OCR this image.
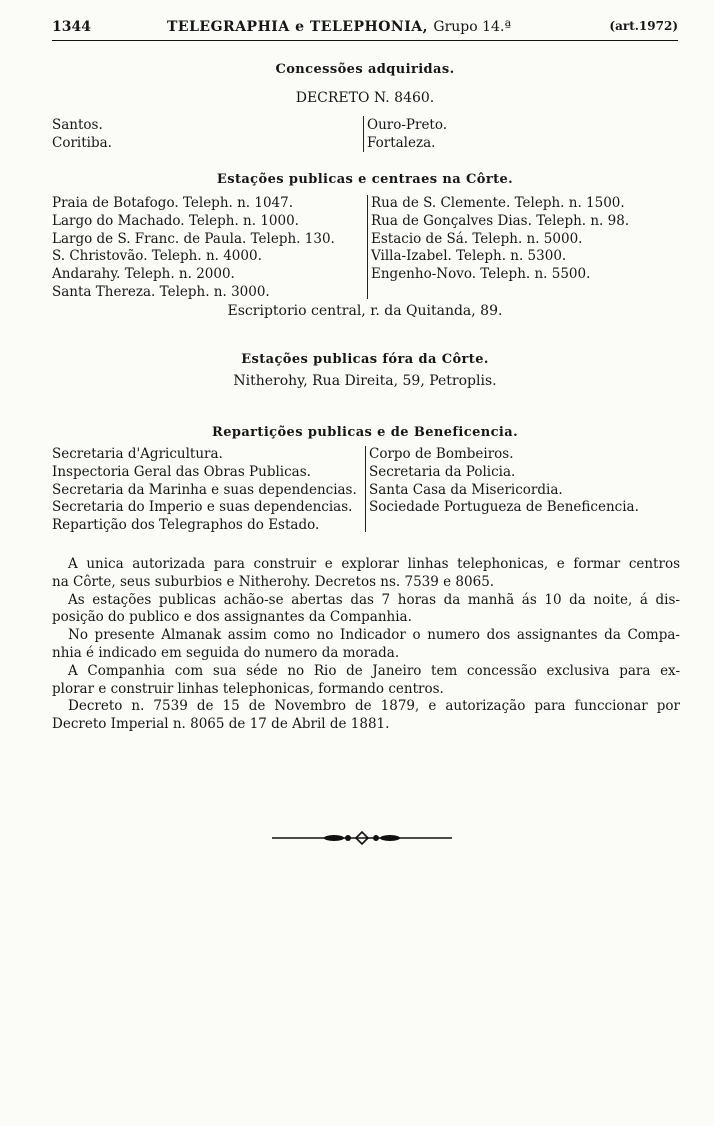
1344	TELEGRAPHIA e TELEPHONIA, Grupo 14.ª	(art.1972)
Concessões adquiridas.
DECRETO N. 8460.
Santos.
Coritiba.
Ouro-Preto.
Fortaleza.
Estações publicas e centraes na Côrte.
Praia de Botafogo. Teleph. n. 1047.
Largo do Machado. Teleph. n. 1000.
Largo de S. Franc. de Paula. Teleph. 130.
S. Christovão. Teleph. n. 4000.
Andarahy. Teleph. n. 2000.
Santa Thereza. Teleph. n. 3000.
Rua de S. Clemente. Teleph. n. 1500.
Rua de Gonçalves Dias. Teleph. n. 98.
Estacio de Sá. Teleph. n. 5000.
Villa-Izabel. Teleph. n. 5300.
Engenho-Novo. Teleph. n. 5500.
Escriptorio central, r. da Quitanda, 89.
Estações publicas fóra da Côrte.
Nitherohy, Rua Direita, 59, Petroplis.
Repartições publicas e de Beneficencia.
Secretaria d'Agricultura.
Inspectoria Geral das Obras Publicas.
Secretaria da Marinha e suas dependencias.
Secretaria do Imperio e suas dependencias.
Repartição dos Telegraphos do Estado.
Corpo de Bombeiros.
Secretaria da Policia.
Santa Casa da Misericordia.
Sociedade Portugueza de Beneficencia.

A unica autorizada para construir e explorar linhas telephonicas, e formar centros

na Côrte, seus suburbios e Nitherohy. Decretos ns. 7539 e 8065.

As estações publicas achão-se abertas das 7 horas da manhã ás 10 da noite, á dis-

posição do publico e dos assignantes da Companhia.

No presente Almanak assim como no Indicador o numero dos assignantes da Compa-

nhia é indicado em seguida do numero da morada.

A Companhia com sua séde no Rio de Janeiro tem concessão exclusiva para ex-

plorar e construir linhas telephonicas, formando centros.

Decreto n. 7539 de 15 de Novembro de 1879, e autorização para funccionar por

Decreto Imperial n. 8065 de 17 de Abril de 1881.
